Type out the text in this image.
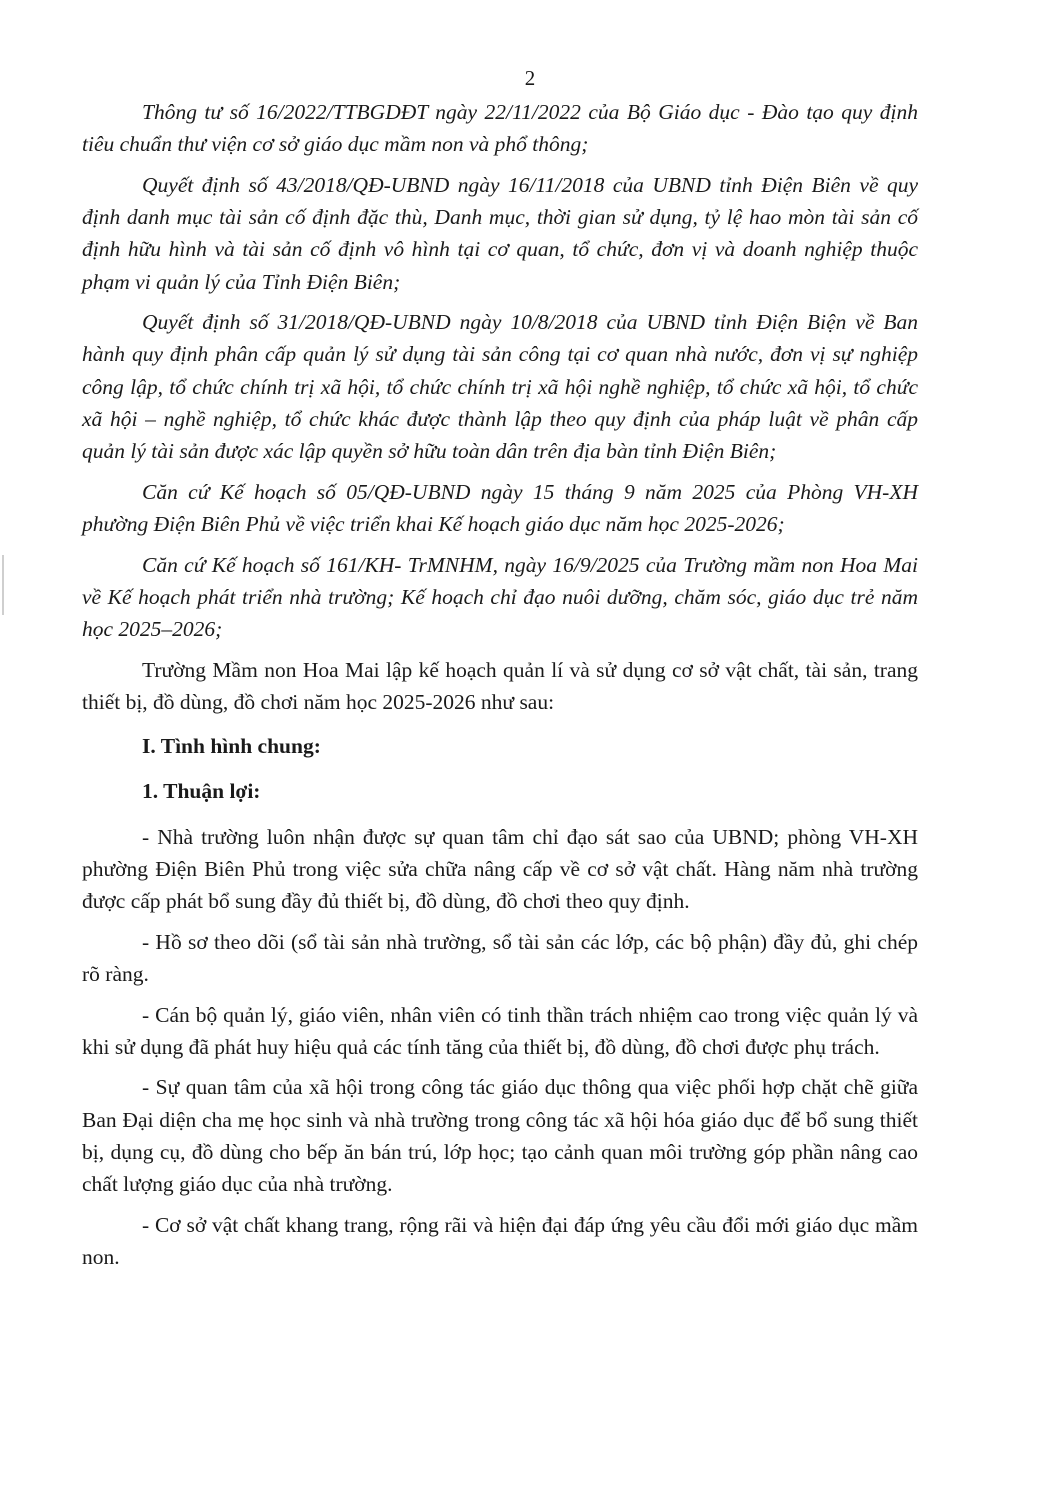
2

Thông tư số 16/2022/TTBGDĐT ngày 22/11/2022 của Bộ Giáo dục - Đào tạo quy định tiêu chuẩn thư viện cơ sở giáo dục mầm non và phổ thông;

Quyết định số 43/2018/QĐ-UBND ngày 16/11/2018 của UBND tỉnh Điện Biên về quy định danh mục tài sản cố định đặc thù, Danh mục, thời gian sử dụng, tỷ lệ hao mòn tài sản cố định hữu hình và tài sản cố định vô hình tại cơ quan, tổ chức, đơn vị và doanh nghiệp thuộc phạm vi quản lý của Tỉnh Điện Biên;

Quyết định số 31/2018/QĐ-UBND ngày 10/8/2018 của UBND tỉnh Điện Biện về Ban hành quy định phân cấp quản lý sử dụng tài sản công tại cơ quan nhà nước, đơn vị sự nghiệp công lập, tổ chức chính trị xã hội, tổ chức chính trị xã hội nghề nghiệp, tổ chức xã hội, tổ chức xã hội – nghề nghiệp, tổ chức khác được thành lập theo quy định của pháp luật về phân cấp quản lý tài sản được xác lập quyền sở hữu toàn dân trên địa bàn tỉnh Điện Biên;

Căn cứ Kế hoạch số 05/QĐ-UBND ngày 15 tháng 9 năm 2025 của Phòng VH-XH phường Điện Biên Phủ về việc triển khai Kế hoạch giáo dục năm học 2025-2026;

Căn cứ Kế hoạch số 161/KH- TrMNHM, ngày 16/9/2025 của Trường mầm non Hoa Mai về Kế hoạch phát triển nhà trường; Kế hoạch chỉ đạo nuôi dưỡng, chăm sóc, giáo dục trẻ năm học 2025–2026;

Trường Mầm non Hoa Mai lập kế hoạch quản lí và sử dụng cơ sở vật chất, tài sản, trang thiết bị, đồ dùng, đồ chơi năm học 2025-2026 như sau:

I. Tình hình chung:
1. Thuận lợi:

- Nhà trường luôn nhận được sự quan tâm chỉ đạo sát sao của UBND; phòng VH-XH phường Điện Biên Phủ trong việc sửa chữa nâng cấp về cơ sở vật chất. Hàng năm nhà trường được cấp phát bổ sung đầy đủ thiết bị, đồ dùng, đồ chơi theo quy định.

- Hồ sơ theo dõi (sổ tài sản nhà trường, sổ tài sản các lớp, các bộ phận) đầy đủ, ghi chép rõ ràng.

- Cán bộ quản lý, giáo viên, nhân viên có tinh thần trách nhiệm cao trong việc quản lý và khi sử dụng đã phát huy hiệu quả các tính tăng của thiết bị, đồ dùng, đồ chơi được phụ trách.

- Sự quan tâm của xã hội trong công tác giáo dục thông qua việc phối hợp chặt chẽ giữa Ban Đại diện cha mẹ học sinh và nhà trường trong công tác xã hội hóa giáo dục để bổ sung thiết bị, dụng cụ, đồ dùng cho bếp ăn bán trú, lớp học; tạo cảnh quan môi trường góp phần nâng cao chất lượng giáo dục của nhà trường.

- Cơ sở vật chất khang trang, rộng rãi và hiện đại đáp ứng yêu cầu đổi mới giáo dục mầm non.
